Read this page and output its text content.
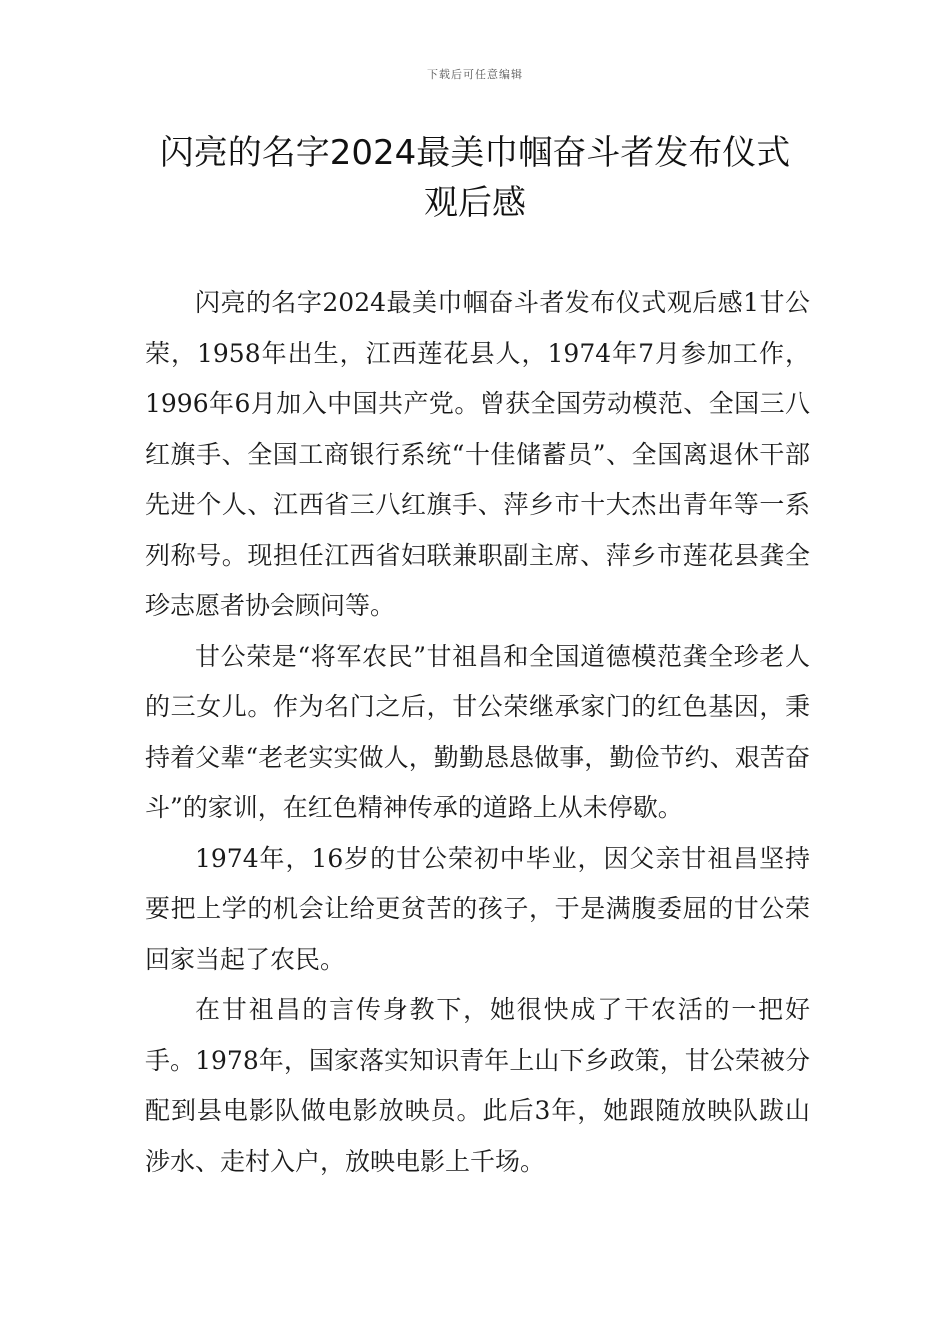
下载后可任意编辑
闪亮的名字2024最美巾帼奋斗者发布仪式
观后感

闪亮的名字2024最美巾帼奋斗者发布仪式观后感1甘公荣，1958年出生，江西莲花县人，1974年7月参加工作，1996年6月加入中国共产党。曾获全国劳动模范、全国三八红旗手、全国工商银行系统“十佳储蓄员”、全国离退休干部先进个人、江西省三八红旗手、萍乡市十大杰出青年等一系列称号。现担任江西省妇联兼职副主席、萍乡市莲花县龚全珍志愿者协会顾问等。

甘公荣是“将军农民”甘祖昌和全国道德模范龚全珍老人的三女儿。作为名门之后，甘公荣继承家门的红色基因，秉持着父辈“老老实实做人，勤勤恳恳做事，勤俭节约、艰苦奋斗”的家训，在红色精神传承的道路上从未停歇。

1974年，16岁的甘公荣初中毕业，因父亲甘祖昌坚持要把上学的机会让给更贫苦的孩子，于是满腹委屈的甘公荣回家当起了农民。

在甘祖昌的言传身教下，她很快成了干农活的一把好手。1978年，国家落实知识青年上山下乡政策，甘公荣被分配到县电影队做电影放映员。此后3年，她跟随放映队跋山涉水、走村入户，放映电影上千场。
